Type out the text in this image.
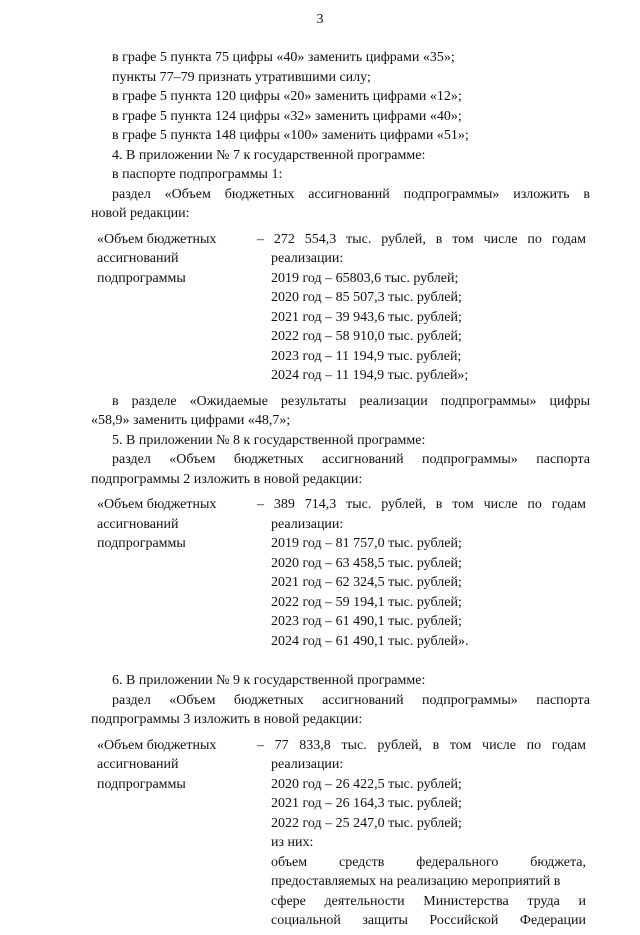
3

в графе 5 пункта 75 цифры «40» заменить цифрами «35»;

пункты 77–79 признать утратившими силу;

в графе 5 пункта 120 цифры «20» заменить цифрами «12»;

в графе 5 пункта 124 цифры «32» заменить цифрами «40»;

в графе 5 пункта 148 цифры «100» заменить цифрами «51»;

4. В приложении № 7 к государственной программе:

в паспорте подпрограммы 1:

раздел «Объем бюджетных ассигнований подпрограммы» изложить в

новой редакции:

«Объем бюджетных
ассигнований
подпрограммы
– 272 554,3 тыс. рублей, в том числе по годам
реализации:
2019 год – 65803,6 тыс. рублей;
2020 год – 85 507,3 тыс. рублей;
2021 год – 39 943,6 тыс. рублей;
2022 год – 58 910,0 тыс. рублей;
2023 год – 11 194,9 тыс. рублей;
2024 год – 11 194,9 тыс. рублей»;

в разделе «Ожидаемые результаты реализации подпрограммы» цифры

«58,9» заменить цифрами «48,7»;

5. В приложении № 8 к государственной программе:

раздел «Объем бюджетных ассигнований подпрограммы» паспорта

подпрограммы 2 изложить в новой редакции:

«Объем бюджетных
ассигнований
подпрограммы
– 389 714,3 тыс. рублей, в том числе по годам
реализации:
2019 год – 81 757,0 тыс. рублей;
2020 год – 63 458,5 тыс. рублей;
2021 год – 62 324,5 тыс. рублей;
2022 год – 59 194,1 тыс. рублей;
2023 год – 61 490,1 тыс. рублей;
2024 год – 61 490,1 тыс. рублей».

6. В приложении № 9 к государственной программе:

раздел «Объем бюджетных ассигнований подпрограммы» паспорта

подпрограммы 3 изложить в новой редакции:

«Объем бюджетных
ассигнований
подпрограммы
– 77 833,8 тыс. рублей, в том числе по годам
реализации:
2020 год – 26 422,5 тыс. рублей;
2021 год – 26 164,3 тыс. рублей;
2022 год – 25 247,0 тыс. рублей;
из них:
объем средств федерального бюджета,
предоставляемых на реализацию мероприятий в
сфере деятельности Министерства труда и
социальной защиты Российской Федерации
